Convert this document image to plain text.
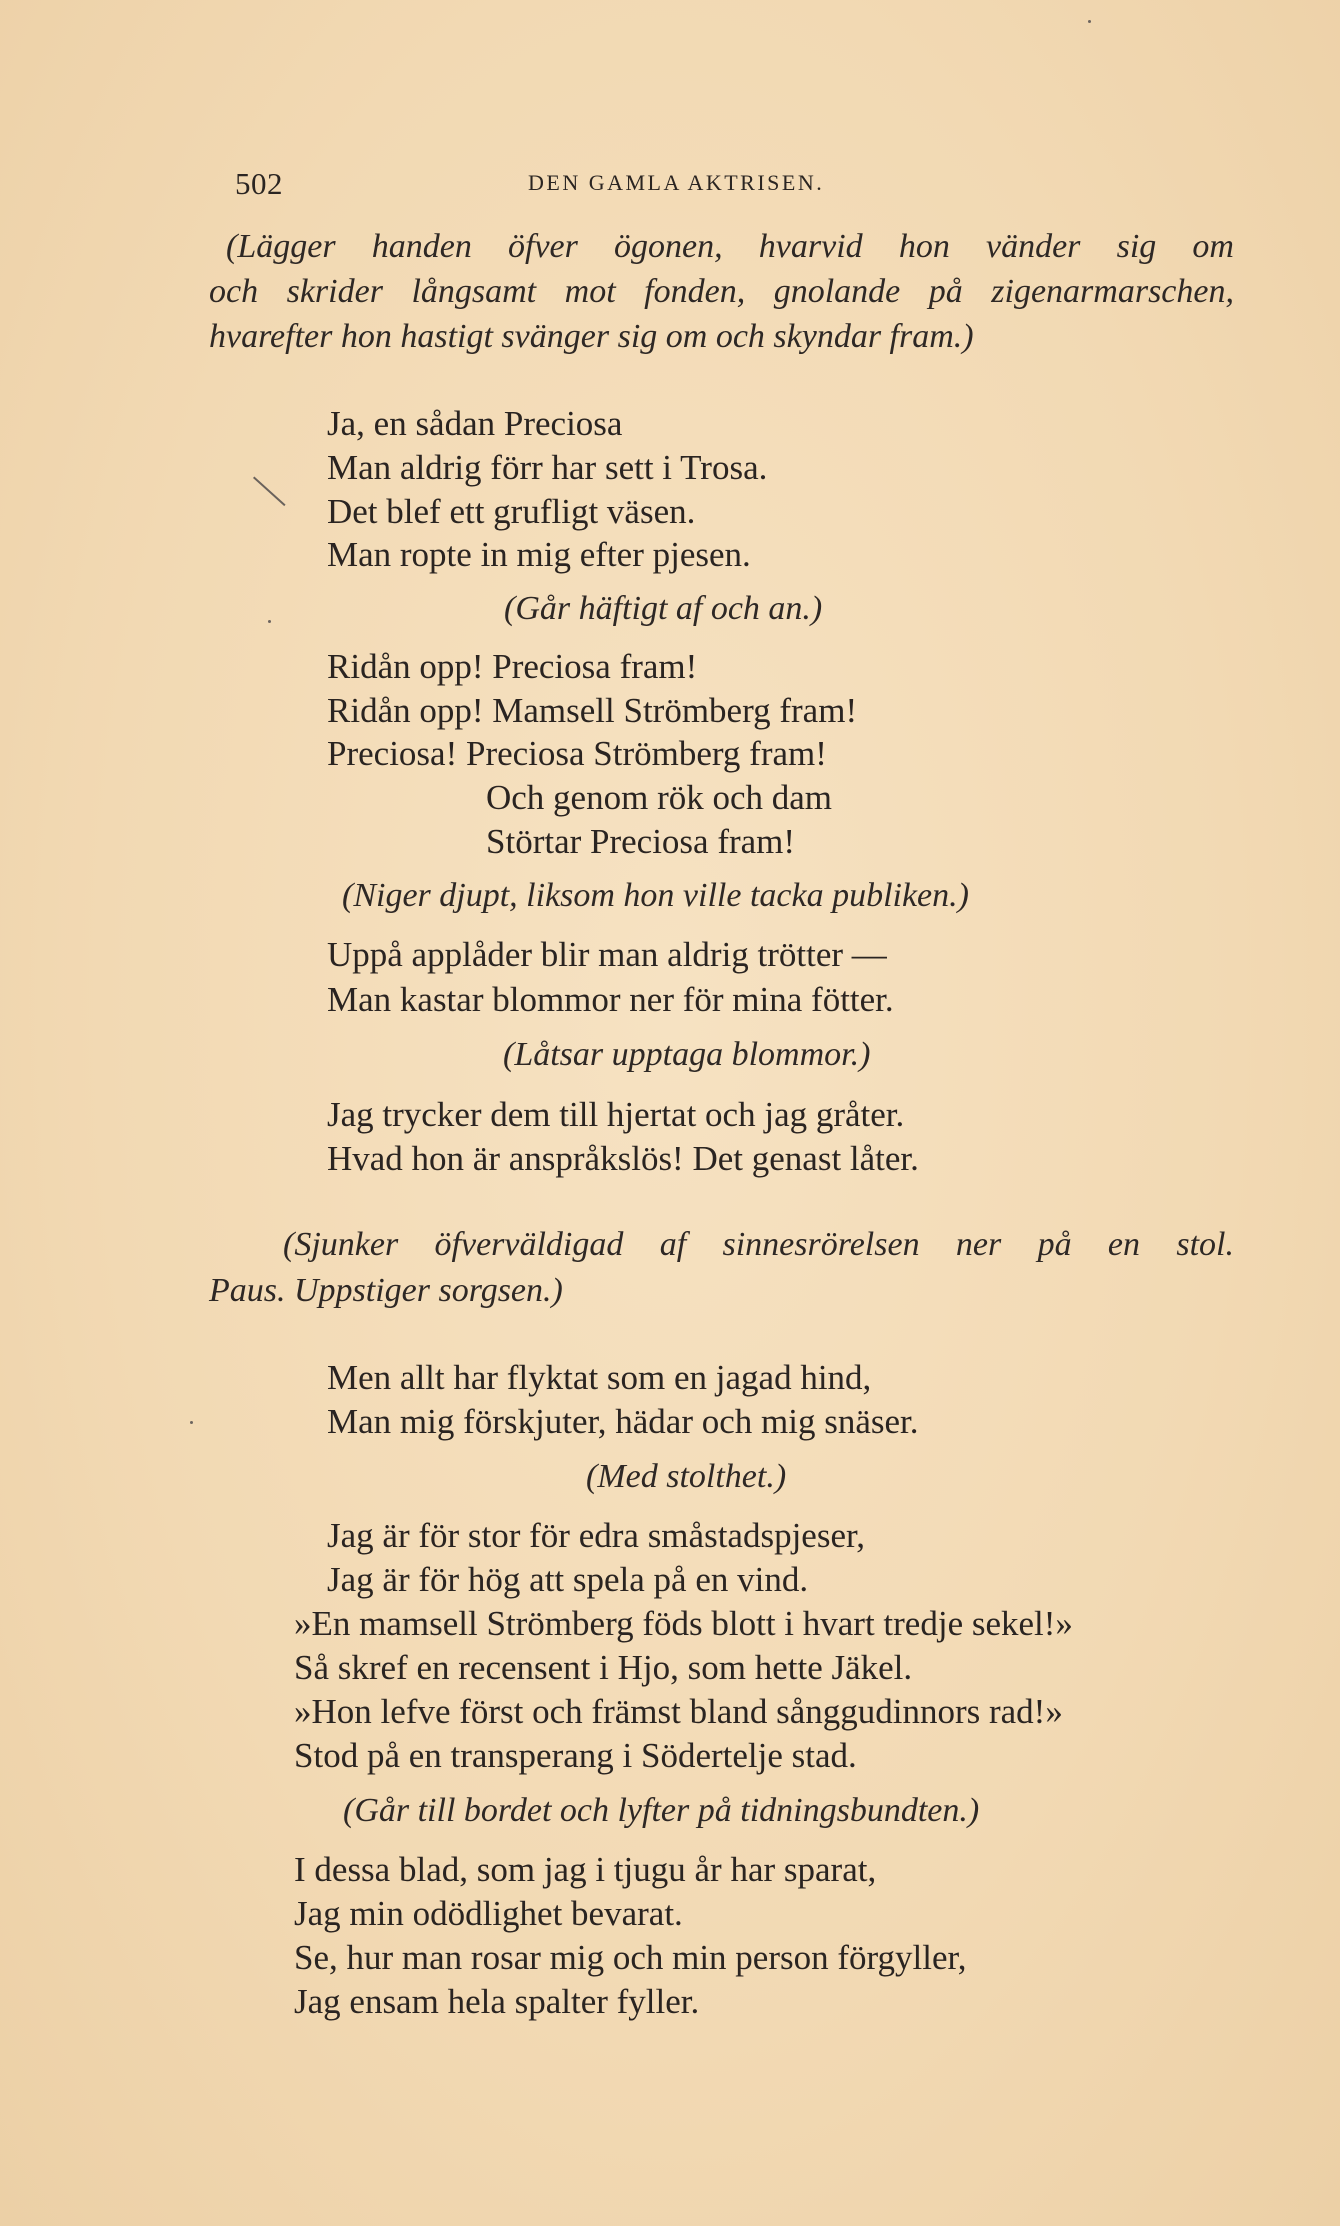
502	DEN GAMLA AKTRISEN.
(Lägger handen öfver ögonen, hvarvid hon vänder sig om
och skrider långsamt mot fonden, gnolande på zigenarmarschen,
hvarefter hon hastigt svänger sig om och skyndar fram.)
Ja, en sådan Preciosa
Man aldrig förr har sett i Trosa.
Det blef ett grufligt väsen.
Man ropte in mig efter pjesen.
(Går häftigt af och an.)
Ridån opp! Preciosa fram!
Ridån opp! Mamsell Strömberg fram!
Preciosa! Preciosa Strömberg fram!
Och genom rök och dam
Störtar Preciosa fram!
(Niger djupt, liksom hon ville tacka publiken.)
Uppå applåder blir man aldrig trötter —
Man kastar blommor ner för mina fötter.
(Låtsar upptaga blommor.)
Jag trycker dem till hjertat och jag gråter.
Hvad hon är anspråkslös! Det genast låter.
(Sjunker öfverväldigad af sinnesrörelsen ner på en stol.
Paus. Uppstiger sorgsen.)
Men allt har flyktat som en jagad hind,
Man mig förskjuter, hädar och mig snäser.
(Med stolthet.)
Jag är för stor för edra småstadspjeser,
Jag är för hög att spela på en vind.
»En mamsell Strömberg föds blott i hvart tredje sekel!»
Så skref en recensent i Hjo, som hette Jäkel.
»Hon lefve först och främst bland sånggudinnors rad!»
Stod på en transperang i Södertelje stad.
(Går till bordet och lyfter på tidningsbundten.)
I dessa blad, som jag i tjugu år har sparat,
Jag min odödlighet bevarat.
Se, hur man rosar mig och min person förgyller,
Jag ensam hela spalter fyller.
